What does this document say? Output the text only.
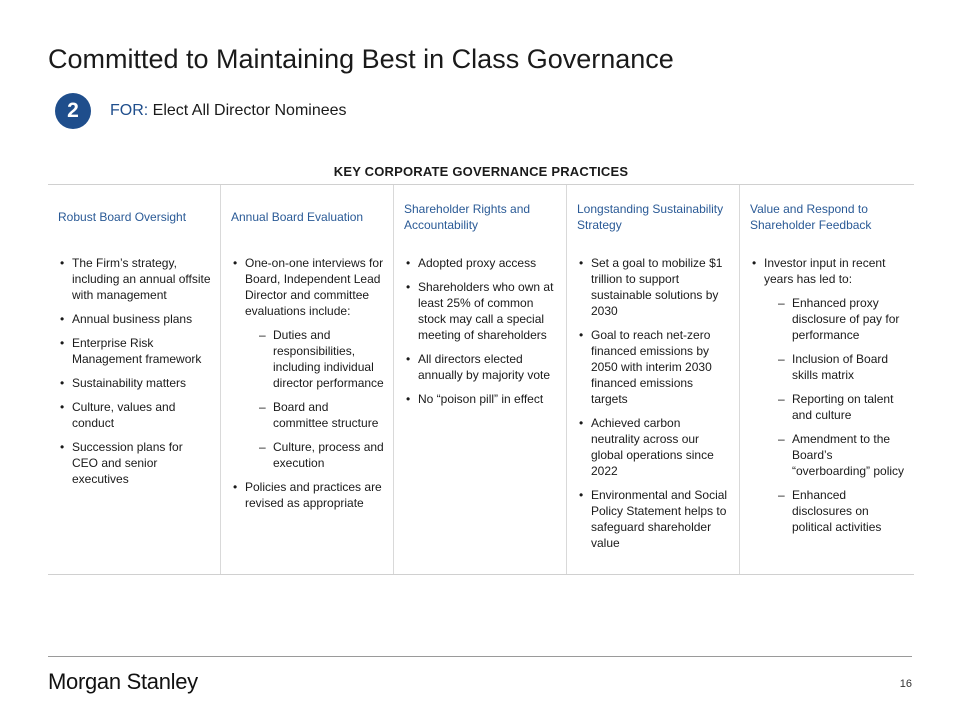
Committed to Maintaining Best in Class Governance
2	FOR: Elect All Director Nominees
KEY CORPORATE GOVERNANCE PRACTICES
Robust Board Oversight
• The Firm’s strategy, including an annual offsite with management
• Annual business plans
• Enterprise Risk Management framework
• Sustainability matters
• Culture, values and conduct
• Succession plans for CEO and senior executives
Annual Board Evaluation
• One-on-one interviews for Board, Independent Lead Director and committee evaluations include:
– Duties and responsibilities, including individual director performance
– Board and committee structure
– Culture, process and execution
• Policies and practices are revised as appropriate
Shareholder Rights and Accountability
• Adopted proxy access
• Shareholders who own at least 25% of common stock may call a special meeting of shareholders
• All directors elected annually by majority vote
• No “poison pill” in effect
Longstanding Sustainability Strategy
• Set a goal to mobilize $1 trillion to support sustainable solutions by 2030
• Goal to reach net-zero financed emissions by 2050 with interim 2030 financed emissions targets
• Achieved carbon neutrality across our global operations since 2022
• Environmental and Social Policy Statement helps to safeguard shareholder value
Value and Respond to Shareholder Feedback
• Investor input in recent years has led to:
– Enhanced proxy disclosure of pay for performance
– Inclusion of Board skills matrix
– Reporting on talent and culture
– Amendment to the Board’s “overboarding” policy
– Enhanced disclosures on political activities
Morgan Stanley	16
